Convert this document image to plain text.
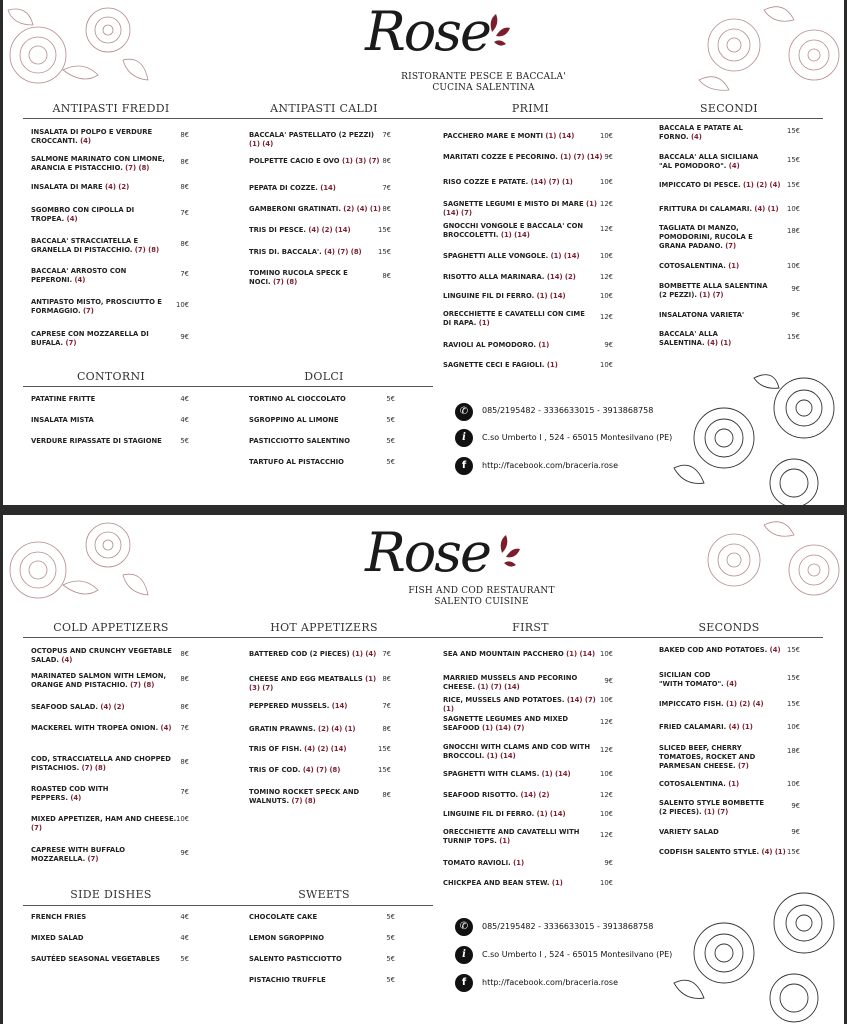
Rose
RISTORANTE PESCE E BACCALA'
CUCINA SALENTINA
ANTIPASTI FREDDI
INSALATA DI POLPO E VERDURE
CROCCANTI. (4)
8€
SALMONE MARINATO CON LIMONE,
ARANCIA E PISTACCHIO. (7) (8)
8€
INSALATA DI MARE (4) (2)	8€
SGOMBRO CON CIPOLLA DI
TROPEA. (4)
7€
BACCALA' STRACCIATELLA E
GRANELLA DI PISTACCHIO. (7) (8)
8€
BACCALA' ARROSTO CON
PEPERONI. (4)
7€
ANTIPASTO MISTO, PROSCIUTTO E
FORMAGGIO. (7)
10€
CAPRESE CON MOZZARELLA DI
BUFALA. (7)
9€
ANTIPASTI CALDI
BACCALA' PASTELLATO (2 PEZZI) (1) (4)
7€
POLPETTE CACIO E OVO (1) (3) (7) 8€
PEPATA DI COZZE. (14)	7€
GAMBERONI GRATINATI. (2) (4) (1) 8€
TRIS DI PESCE. (4) (2) (14)	15€
TRIS DI. BACCALA'. (4) (7) (8)	15€
TOMINO RUCOLA SPECK E
NOCI. (7) (8)
8€
PRIMI
PACCHERO MARE E MONTI (1) (14)	10€
MARITATI COZZE E PECORINO. (1) (7) (14) 9€
RISO COZZE E PATATE. (14) (7) (1)	10€
SAGNETTE LEGUMI E MISTO DI MARE (1) (14) (7)
12€
GNOCCHI VONGOLE E BACCALA' CON
BROCCOLETTI. (1) (14)
12€
SPAGHETTI ALLE VONGOLE. (1) (14)	10€
RISOTTO ALLA MARINARA. (14) (2)	12€
LINGUINE FIL DI FERRO. (1) (14)	10€
ORECCHIETTE E CAVATELLI CON CIME
DI RAPA. (1)
12€
RAVIOLI AL POMODORO. (1)	9€
SAGNETTE CECI E FAGIOLI. (1)	10€
SECONDI
BACCALA E PATATE AL
FORNO. (4)
15€
BACCALA' ALLA SICILIANA
"AL POMODORO". (4)
15€
IMPICCATO DI PESCE. (1) (2) (4) 15€
FRITTURA DI CALAMARI. (4) (1)	10€
TAGLIATA DI MANZO,
POMODORINI, RUCOLA E
GRANA PADANO. (7)
18€
COTOSALENTINA. (1)	10€
BOMBETTE ALLA SALENTINA
(2 PEZZI). (1) (7)
9€
INSALATONA VARIETA'	9€
BACCALA' ALLA
SALENTINA. (4) (1)
15€
CONTORNI
PATATINE FRITTE	4€
INSALATA MISTA	4€
VERDURE RIPASSATE DI STAGIONE	5€
DOLCI
TORTINO AL CIOCCOLATO	5€
SGROPPINO AL LIMONE	5€
PASTICCIOTTO SALENTINO	5€
TARTUFO AL PISTACCHIO	5€
✆	085/2195482 - 3336633015 - 3913868758
i	C.so Umberto I , 524 - 65015 Montesilvano (PE)
f	http://facebook.com/braceria.rose
Rose
FISH AND COD RESTAURANT
SALENTO CUISINE
COLD APPETIZERS
OCTOPUS AND CRUNCHY VEGETABLE
SALAD. (4)
8€
MARINATED SALMON WITH LEMON,
ORANGE AND PISTACHIO. (7) (8)
8€
SEAFOOD SALAD. (4) (2)	8€
MACKEREL WITH TROPEA ONION. (4)	7€
COD, STRACCIATELLA AND CHOPPED
PISTACHIOS. (7) (8)
8€
ROASTED COD WITH
PEPPERS. (4)
7€
MIXED APPETIZER, HAM AND CHEESE. (7)
10€
CAPRESE WITH BUFFALO
MOZZARELLA. (7)
9€
HOT APPETIZERS
BATTERED COD (2 PIECES) (1) (4) 7€
CHEESE AND EGG MEATBALLS (1) (3) (7)
8€
PEPPERED MUSSELS. (14)	7€
GRATIN PRAWNS. (2) (4) (1)	8€
TRIS OF FISH. (4) (2) (14)	15€
TRIS OF COD. (4) (7) (8)	15€
TOMINO ROCKET SPECK AND
WALNUTS. (7) (8)
8€
FIRST
SEA AND MOUNTAIN PACCHERO (1) (14) 10€
MARRIED MUSSELS AND PECORINO
CHEESE. (1) (7) (14)
9€
RICE, MUSSELS AND POTATOES. (14) (7) (1)
10€
SAGNETTE LEGUMES AND MIXED
SEAFOOD (1) (14) (7)
12€
GNOCCHI WITH CLAMS AND COD WITH
BROCCOLI. (1) (14)
12€
SPAGHETTI WITH CLAMS. (1) (14)	10€
SEAFOOD RISOTTO. (14) (2)	12€
LINGUINE FIL DI FERRO. (1) (14)	10€
ORECCHIETTE AND CAVATELLI WITH
TURNIP TOPS. (1)
12€
TOMATO RAVIOLI. (1)	9€
CHICKPEA AND BEAN STEW. (1)	10€
SECONDS
BAKED COD AND POTATOES. (4) 15€
SICILIAN COD
"WITH TOMATO". (4)
15€
IMPICCATO FISH. (1) (2) (4)	15€
FRIED CALAMARI. (4) (1)	10€
SLICED BEEF, CHERRY
TOMATOES, ROCKET AND
PARMESAN CHEESE. (7)
18€
COTOSALENTINA. (1)	10€
SALENTO STYLE BOMBETTE
(2 PIECES). (1) (7)
9€
VARIETY SALAD	9€
CODFISH SALENTO STYLE. (4) (1) 15€
SIDE DISHES
FRENCH FRIES	4€
MIXED SALAD	4€
SAUTÉED SEASONAL VEGETABLES	5€
SWEETS
CHOCOLATE CAKE	5€
LEMON SGROPPINO	5€
SALENTO PASTICCIOTTO	5€
PISTACHIO TRUFFLE	5€
✆	085/2195482 - 3336633015 - 3913868758
i	C.so Umberto I , 524 - 65015 Montesilvano (PE)
f	http://facebook.com/braceria.rose
